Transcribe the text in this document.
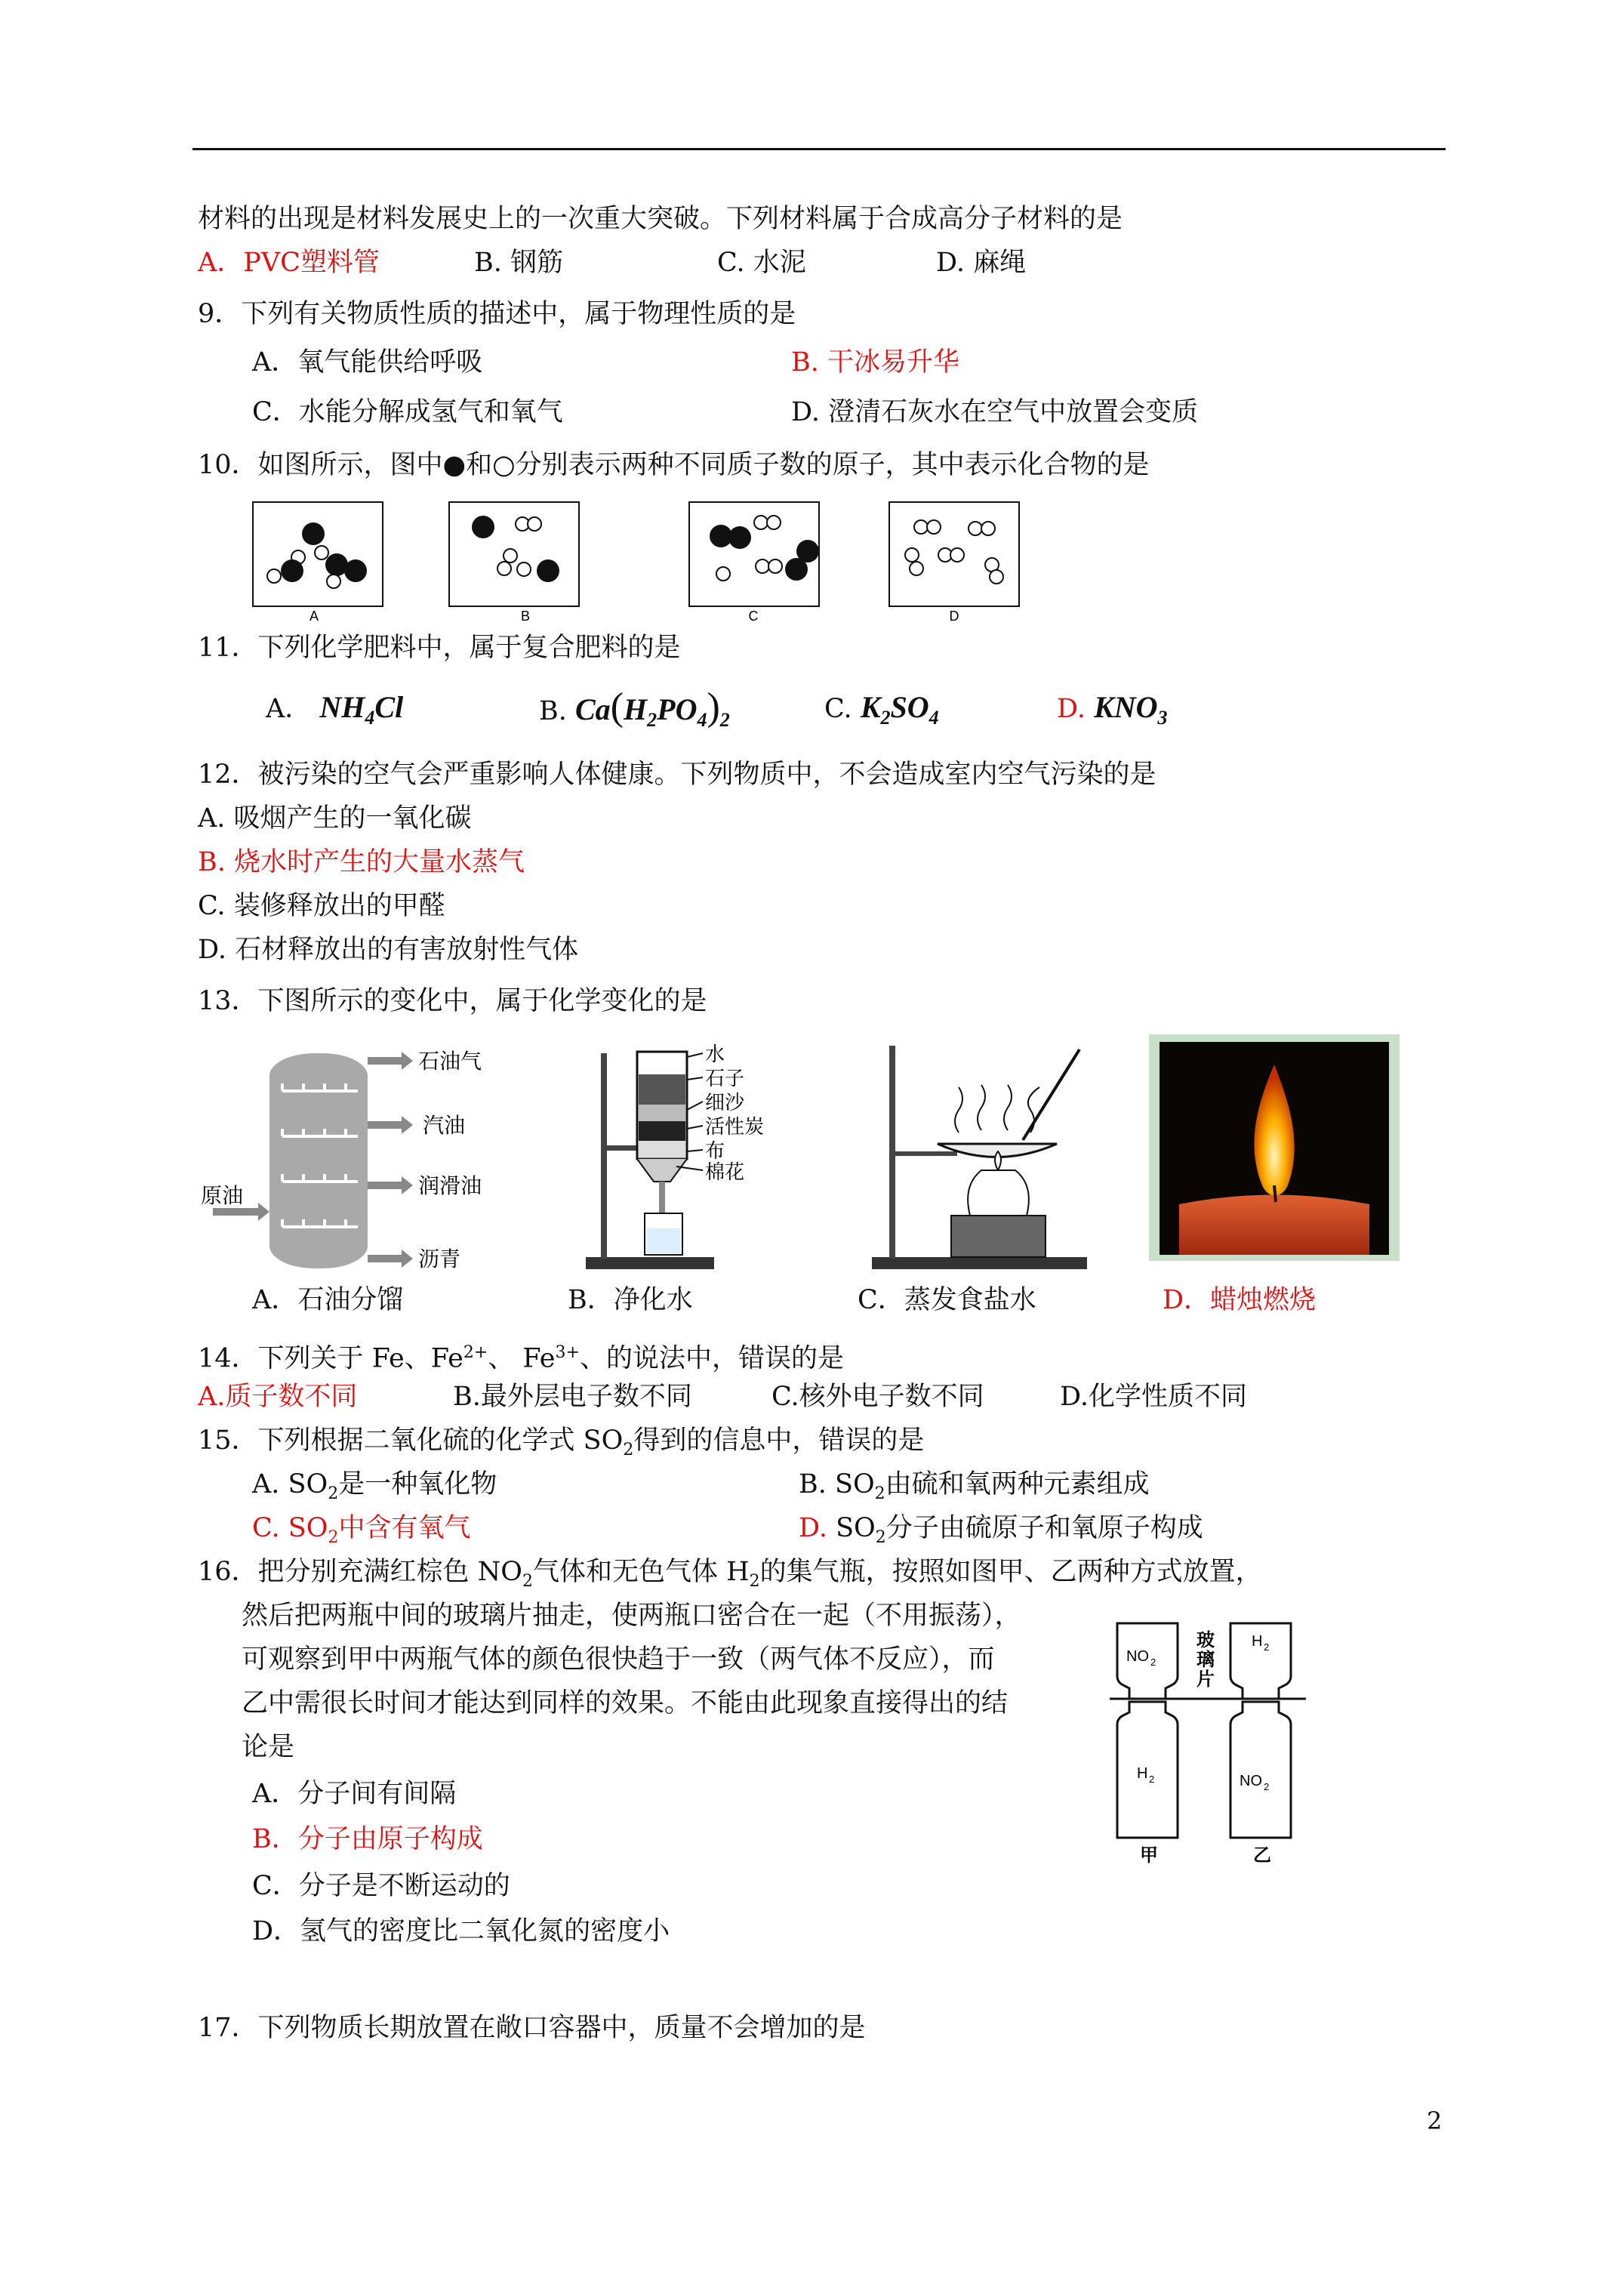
材料的出现是材料发展史上的一次重大突破。下列材料属于合成高分子材料的是
A．PVC塑料管	B. 钢筋	C. 水泥	D. 麻绳
9．下列有关物质性质的描述中，属于物理性质的是
A．氧气能供给呼吸	B. 干冰易升华
C．水能分解成氢气和氧气	D. 澄清石灰水在空气中放置会变质
10．如图所示，图中●和○分别表示两种不同质子数的原子，其中表示化合物的是
A	B	C	D
11．下列化学肥料中，属于复合肥料的是
A． $NH_4Cl$	B. $Ca(H_2PO_4)_2$	C. $K_2SO_4$	D. $KNO_3$
12．被污染的空气会严重影响人体健康。下列物质中，不会造成室内空气污染的是
A. 吸烟产生的一氧化碳
B. 烧水时产生的大量水蒸气
C. 装修释放出的甲醛
D. 石材释放出的有害放射性气体
13．下图所示的变化中，属于化学变化的是
石油气
汽油
润滑油
原油
沥青
水
石子
细沙
活性炭
布
棉花
A．石油分馏	B．净化水	C．蒸发食盐水	D．蜡烛燃烧
14．下列关于 Fe、$Fe^{2+}$、 $Fe^{3+}$、的说法中，错误的是
A.质子数不同	B.最外层电子数不同	C.核外电子数不同	D.化学性质不同
15．下列根据二氧化硫的化学式 $SO_2$得到的信息中，错误的是
A. $SO_2$是一种氧化物	B. $SO_2$由硫和氧两种元素组成
C. $SO_2$中含有氧气	D. $SO_2$分子由硫原子和氧原子构成
16．把分别充满红棕色 $NO_2$气体和无色气体 $H_2$的集气瓶，按照如图甲、乙两种方式放置，
然后把两瓶中间的玻璃片抽走，使两瓶口密合在一起（不用振荡），
可观察到甲中两瓶气体的颜色很快趋于一致（两气体不反应），而
乙中需很长时间才能达到同样的效果。不能由此现象直接得出的结
论是
A．分子间有间隔
B．分子由原子构成
C．分子是不断运动的
D．氢气的密度比二氧化氮的密度小
NO 2
H 2
甲
H 2
NO 2
乙
玻
璃
片
17．下列物质长期放置在敞口容器中，质量不会增加的是
2
